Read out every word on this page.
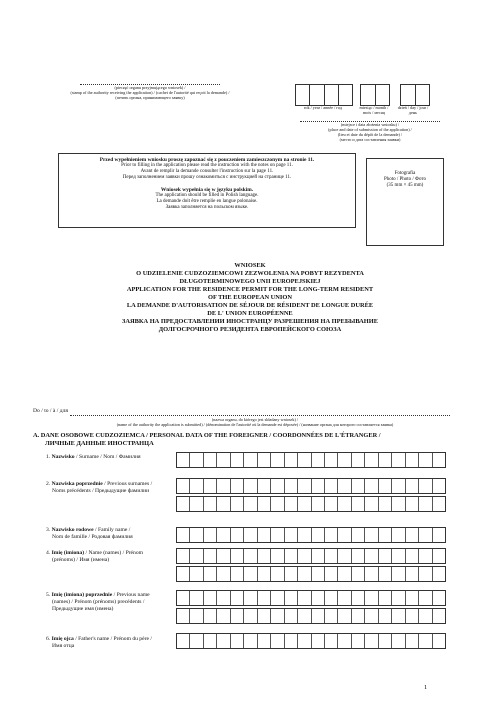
(pieczęć organu przyjmującego wniosek) /
(stamp of the authority receiving the application) / (cachet de l'autorité qui reçoit la demande) /
(печать органа, принимающего заявку)
rok / year / année / год	miesiąc / month / mois / месяц
dzień / day / jour / день
(miejsce i data złożenia wniosku) /
(place and date of submission of the application) /
(lieu et date du dépôt de la demande) /
(место и дата составления заявки)
Przed wypełnieniem wniosku proszę zapoznać się z pouczeniem zamieszczonym na stronie 11.
Prior to filling in the application please read the instruction with the notes on page 11.
Avant de remplir la demande consulter l'instruction sur la page 11.
Перед заполнением заявки прошу ознакомиться с инструкцией на странице 11.
Wniosek wypełnia się w języku polskim.
The application should be filled in Polish language.
La demande doit être remplie en langue polonaise.
Заявка заполняется на польском языке.
Fotografia
Photo / Photo / Фото
(35 mm × 45 mm)
WNIOSEK
O UDZIELENIE CUDZOZIEMCOWI ZEZWOLENIA NA POBYT REZYDENTA
DŁUGOTERMINOWEGO UNII EUROPEJSKIEJ
APPLICATION FOR THE RESIDENCE PERMIT FOR THE LONG-TERM RESIDENT
OF THE EUROPEAN UNION
LA DEMANDE D'AUTORISATION DE SÉJOUR DE RÉSIDENT DE LONGUE DURÉE
DE L' UNION EUROPÉENNE
ЗАЯВКА НА ПРЕДОСТАВЛЕНИИ ИНОСТРАНЦУ РАЗРЕШЕНИЯ НА ПРЕБЫВАНИЕ
ДОЛГОСРОЧНОГО РЕЗИДЕНТА ЕВРОПЕЙСКОГО СОЮЗА
Do / to / à / для
(nazwa organu, do którego jest składany wniosek) /
(name of the authority the application is submitted) / (dénomination de l'autorité où la demande est déposée) / (название органа для которого составляется заявка)
A. DANE OSOBOWE CUDZOZIEMCA / PERSONAL DATA OF THE FOREIGNER / COORDONNÉES DE L'ÉTRANGER /
ЛИЧНЫЕ ДАННЫЕ ИНОСТРАНЦА
1. Nazwisko / Surname / Nom / Фамилия
2. Nazwiska poprzednie / Previous surnames /
Noms précédents / Предыдущие фамилии
3. Nazwisko rodowe / Family name /
Nom de famille / Родовая фамилия
4. Imię (imiona) / Name (names) / Prénom
(prénoms) / Имя (имена)
5. Imię (imiona) poprzednie / Previous name
(names) / Prénom (prénoms) precédents /
Предыдущие имя (имена)
6. Imię ojca / Father's name / Prénom du père /
Имя отца
1
